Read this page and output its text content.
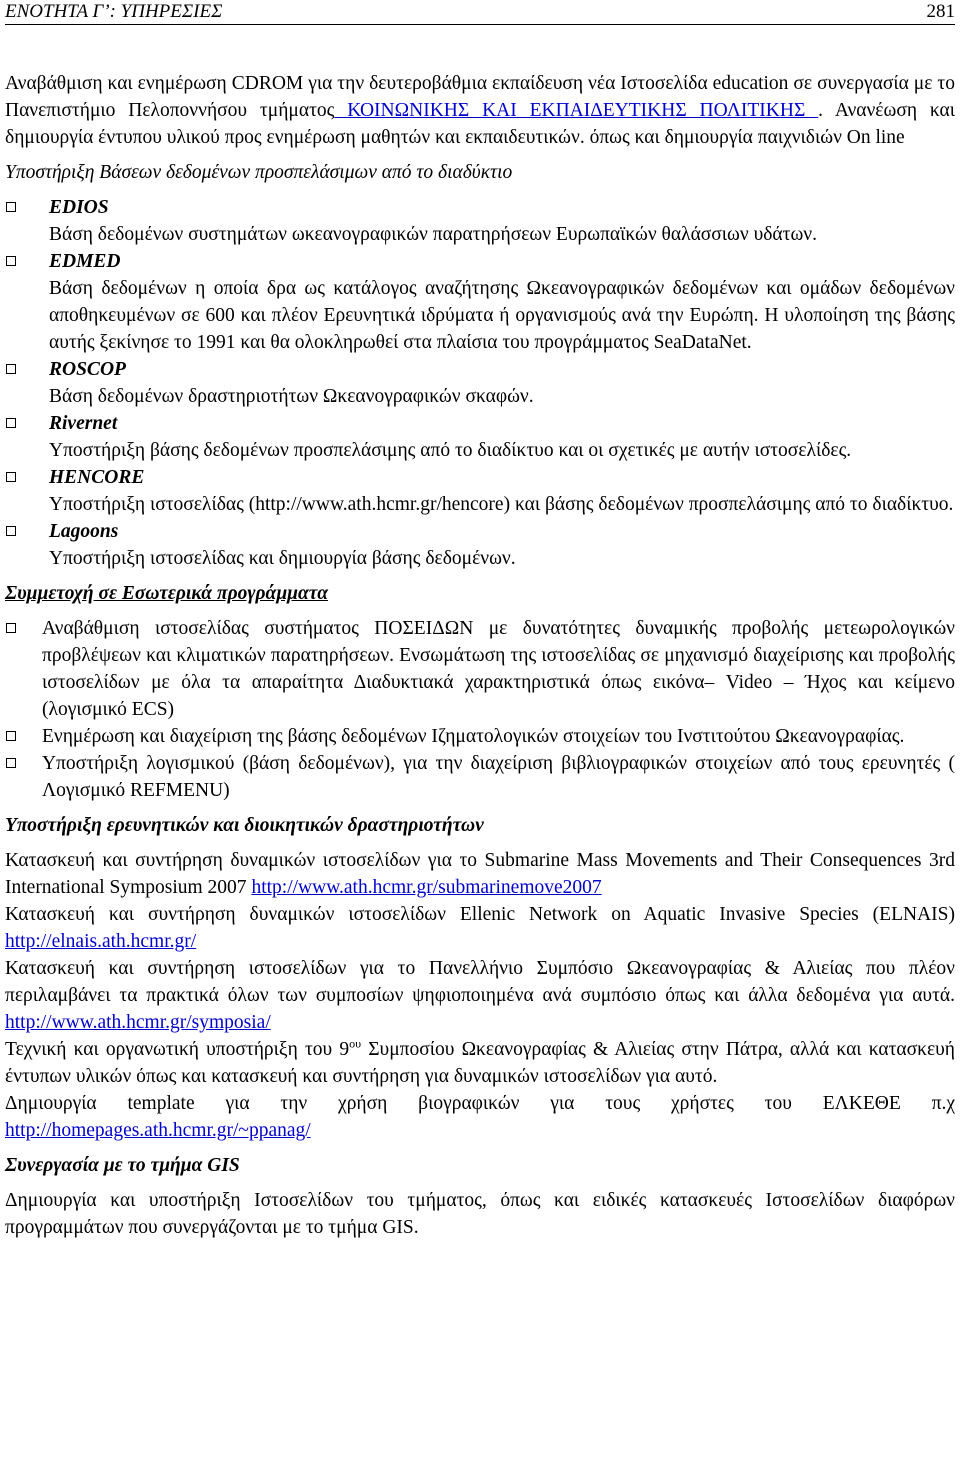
ΕΝΟΤΗΤΑ Γ’: ΥΠΗΡΕΣΙΕΣ	281

Αναβάθμιση και ενημέρωση CDROM για την δευτεροβάθμια εκπαίδευση νέα Ιστοσελίδα education σε συνεργασία με το Πανεπιστήμιο Πελοποννήσου τμήματος ΚΟΙΝΩΝΙΚΗΣ ΚΑΙ ΕΚΠΑΙΔΕΥΤΙΚΗΣ ΠΟΛΙΤΙΚΗΣ . Ανανέωση και δημιουργία έντυπου υλικού προς ενημέρωση μαθητών και εκπαιδευτικών. όπως και δημιουργία παιχνιδιών On line

Υποστήριξη Βάσεων δεδομένων προσπελάσιμων από το διαδύκτιο
EDIOS
Βάση δεδομένων συστημάτων ωκεανογραφικών παρατηρήσεων Ευρωπαϊκών θαλάσσιων υδάτων.
EDMED
Βάση δεδομένων η οποία δρα ως κατάλογος αναζήτησης Ωκεανογραφικών δεδομένων και ομάδων δεδομένων αποθηκευμένων σε 600 και πλέον Ερευνητικά ιδρύματα ή οργανισμούς ανά την Ευρώπη. Η υλοποίηση της βάσης αυτής ξεκίνησε το 1991 και θα ολοκληρωθεί στα πλαίσια του προγράμματος SeaDataNet.
ROSCOP
Βάση δεδομένων δραστηριοτήτων Ωκεανογραφικών σκαφών.
Rivernet
Υποστήριξη βάσης δεδομένων προσπελάσιμης από το διαδίκτυο και οι σχετικές με αυτήν ιστοσελίδες.
HENCORE
Υποστήριξη ιστοσελίδας (http://www.ath.hcmr.gr/hencore) και βάσης δεδομένων προσπελάσιμης από το διαδίκτυο.
Lagoons
Υποστήριξη ιστοσελίδας και δημιουργία βάσης δεδομένων.
Συμμετοχή σε Εσωτερικά προγράμματα
Αναβάθμιση ιστοσελίδας συστήματος ΠΟΣΕΙΔΩΝ με δυνατότητες δυναμικής προβολής μετεωρολογικών προβλέψεων και κλιματικών παρατηρήσεων. Ενσωμάτωση της ιστοσελίδας σε μηχανισμό διαχείρισης και προβολής ιστοσελίδων με όλα τα απαραίτητα Διαδυκτιακά χαρακτηριστικά όπως εικόνα– Video – Ήχος και κείμενο (λογισμικό ECS)
Ενημέρωση και διαχείριση της βάσης δεδομένων Ιζηματολογικών στοιχείων του Ινστιτούτου Ωκεανογραφίας.
Υποστήριξη λογισμικού (βάση δεδομένων), για την διαχείριση βιβλιογραφικών στοιχείων από τους ερευνητές ( Λογισμικό REFMENU)
Υποστήριξη ερευνητικών και διοικητικών δραστηριοτήτων

Κατασκευή και συντήρηση δυναμικών ιστοσελίδων για το Submarine Mass Movements and Their Consequences 3rd International Symposium 2007 http://www.ath.hcmr.gr/submarinemove2007

Κατασκευή και συντήρηση δυναμικών ιστοσελίδων Ellenic Network on Aquatic Invasive Species (ELNAIS) http://elnais.ath.hcmr.gr/

Κατασκευή και συντήρηση ιστοσελίδων για το Πανελλήνιο Συμπόσιο Ωκεανογραφίας & Αλιείας που πλέον περιλαμβάνει τα πρακτικά όλων των συμποσίων ψηφιοποιημένα ανά συμπόσιο όπως και άλλα δεδομένα για αυτά. http://www.ath.hcmr.gr/symposia/

Τεχνική και οργανωτική υποστήριξη του $9^{o\upsilon}$ Συμποσίου Ωκεανογραφίας & Αλιείας στην Πάτρα, αλλά και κατασκευή έντυπων υλικών όπως και κατασκευή και συντήρηση για δυναμικών ιστοσελίδων για αυτό.

Δημιουργία template για την χρήση βιογραφικών για τους χρήστες του ΕΛΚΕΘΕ π.χ http://homepages.ath.hcmr.gr/~ppanag/

Συνεργασία με το τμήμα GIS

Δημιουργία και υποστήριξη Ιστοσελίδων του τμήματος, όπως και ειδικές κατασκευές Ιστοσελίδων διαφόρων προγραμμάτων που συνεργάζονται με το τμήμα GIS.
